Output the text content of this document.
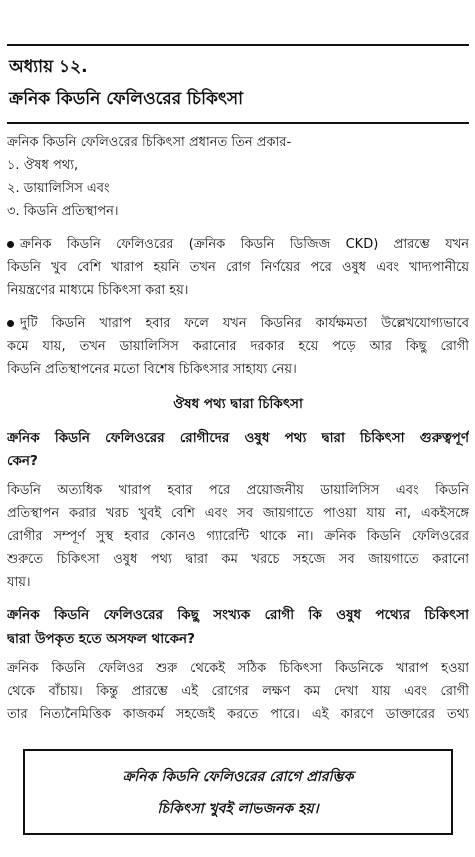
অধ্যায় ১২.
ক্রনিক কিডনি ফেলিওরের চিকিৎসা
ক্রনিক কিডনি ফেলিওরের চিকিৎসা প্রধানত তিন প্রকার-
১. ঔষধ পথ্য,
২. ডায়ালিসিস এবং
৩. কিডনি প্রতিস্থাপন।
ক্রনিক কিডনি ফেলিওরের (ক্রনিক কিডনি ডিজিজ CKD) প্রারম্ভে যখন
কিডনি খুব বেশি খারাপ হয়নি তখন রোগ নির্ণয়ের পরে ওষুধ এবং খাদ্যপানীয়ে
নিয়ন্ত্রণের মাধ্যমে চিকিৎসা করা হয়।
দুটি কিডনি খারাপ হবার ফলে যখন কিডনির কার্যক্ষমতা উল্লেখযোগ্যভাবে
কমে যায়, তখন ডায়ালিসিস করানোর দরকার হয়ে পড়ে আর কিছু রোগী
কিডনি প্রতিস্থাপনের মতো বিশেষ চিকিৎসার সাহায্য নেয়।
ঔষধ পথ্য দ্বারা চিকিৎসা
ক্রনিক কিডনি ফেলিওরের রোগীদের ওষুধ পথ্য দ্বারা চিকিৎসা গুরুত্বপূর্ণ
কেন?
কিডনি অত্যধিক খারাপ হবার পরে প্রয়োজনীয় ডায়ালিসিস এবং কিডনি
প্রতিস্থাপন করার খরচ খুবই বেশি এবং সব জায়গাতে পাওয়া যায় না, একইসঙ্গে
রোগীর সম্পূর্ণ সুস্থ হবার কোনও গ্যারেন্টি থাকে না। ক্রনিক কিডনি ফেলিওরের
শুরুতে চিকিৎসা ওষুধ পথ্য দ্বারা কম খরচে সহজে সব জায়গাতে করানো
যায়।
ক্রনিক কিডনি ফেলিওরের কিছু সংখ্যক রোগী কি ওষুধ পথ্যের চিকিৎসা
দ্বারা উপকৃত হতে অসফল থাকেন?
ক্রনিক কিডনি ফেলিওর শুরু থেকেই সঠিক চিকিৎসা কিডনিকে খারাপ হওয়া
থেকে বাঁচায়। কিন্তু প্রারম্ভে এই রোগের লক্ষণ কম দেখা যায় এবং রোগী
তার নিত্যনৈমিত্তিক কাজকর্ম সহজেই করতে পারে। এই কারণে ডাক্তারের তথ্য
ক্রনিক কিডনি ফেলিওরের রোগে প্রারম্ভিক
চিকিৎসা খুবই লাভজনক হয়।
